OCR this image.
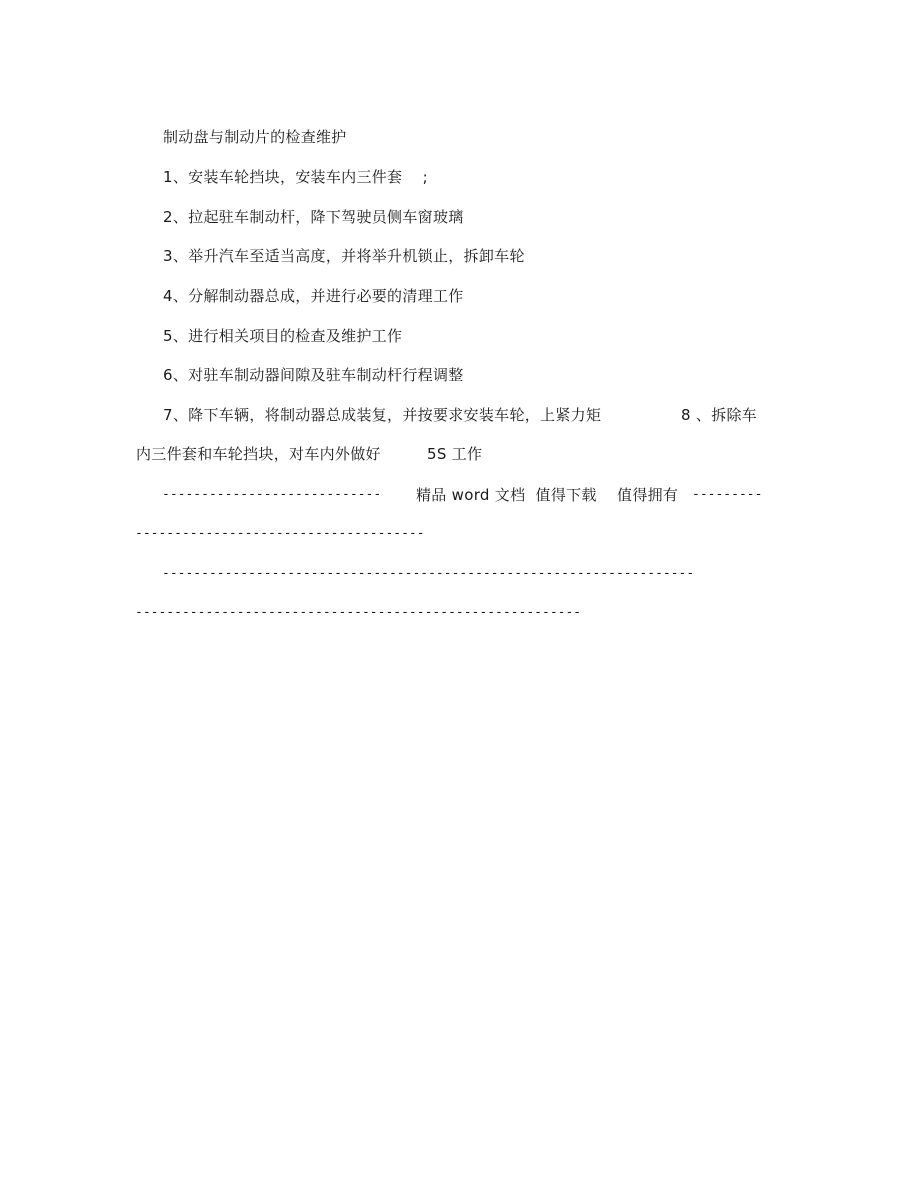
制动盘与制动片的检查维护
1、安装车轮挡块，安装车内三件套    ;
2、拉起驻车制动杆，降下驾驶员侧车窗玻璃
3、举升汽车至适当高度，并将举升机锁止，拆卸车轮
4、分解制动器总成，并进行必要的清理工作
5、进行相关项目的检查及维护工作
6、对驻车制动器间隙及驻车制动杆行程调整
7、降下车辆，将制动器总成装复，并按要求安装车轮，上紧力矩	8 、拆除车
内三件套和车轮挡块，对车内外做好	5S 工作
---------------------------- 精品 word 文档  值得下载    值得拥有 ---------
-------------------------------------
--------------------------------------------------------------------
---------------------------------------------------------
